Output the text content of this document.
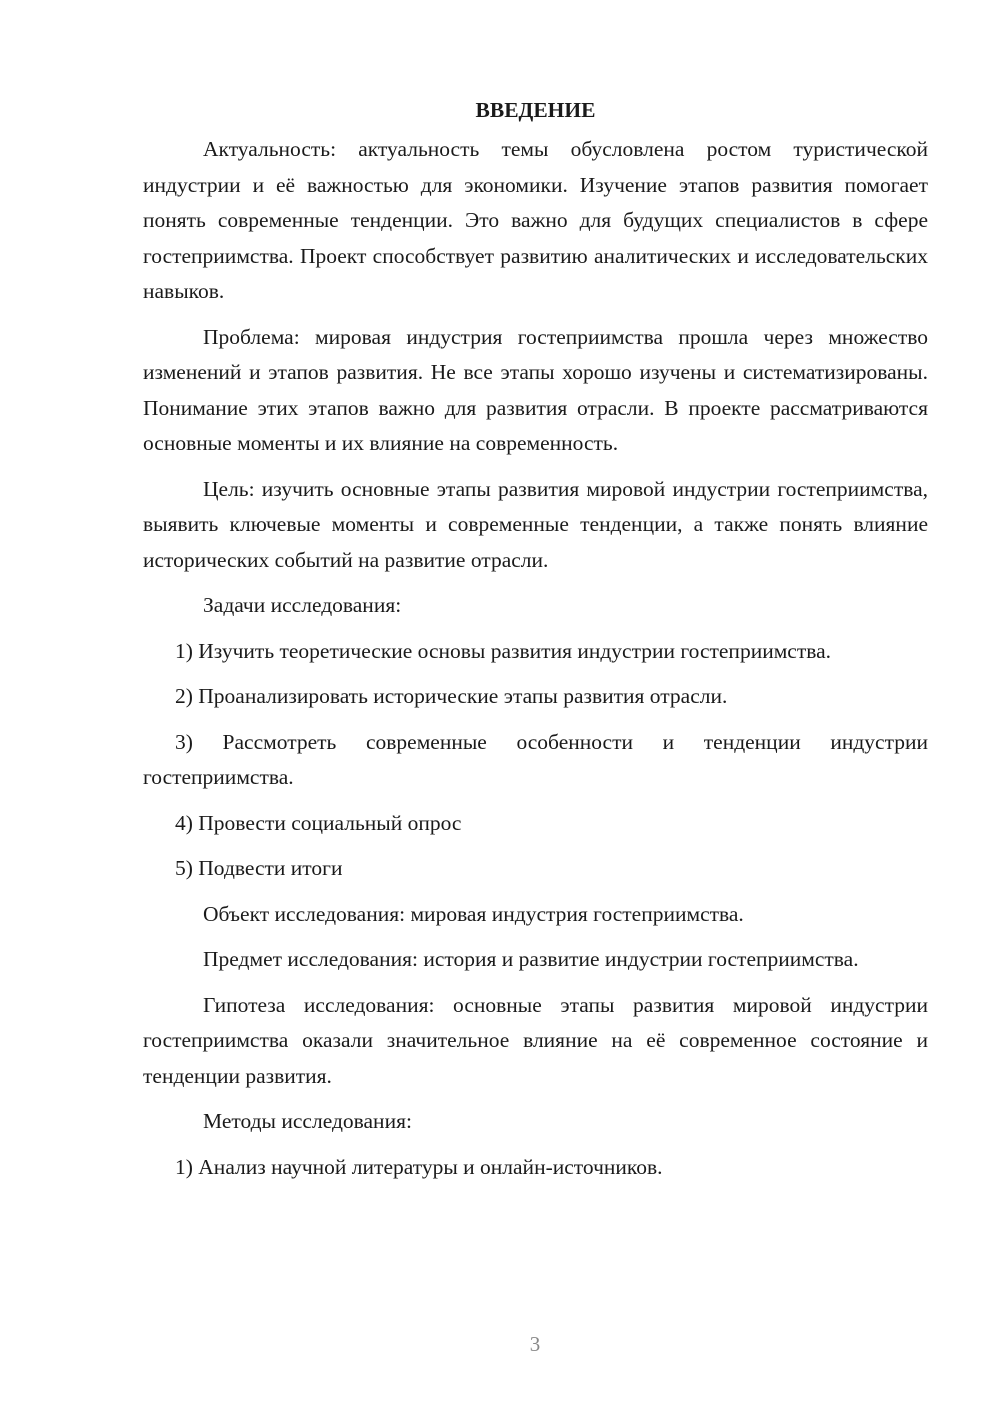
ВВЕДЕНИЕ

Актуальность: актуальность темы обусловлена ростом туристической индустрии и её важностью для экономики. Изучение этапов развития помогает понять современные тенденции. Это важно для будущих специалистов в сфере гостеприимства. Проект способствует развитию аналитических и исследовательских навыков.

Проблема: мировая индустрия гостеприимства прошла через множество изменений и этапов развития. Не все этапы хорошо изучены и систематизированы. Понимание этих этапов важно для развития отрасли. В проекте рассматриваются основные моменты и их влияние на современность.

Цель: изучить основные этапы развития мировой индустрии гостеприимства, выявить ключевые моменты и современные тенденции, а также понять влияние исторических событий на развитие отрасли.

Задачи исследования:

1) Изучить теоретические основы развития индустрии гостеприимства.

2) Проанализировать исторические этапы развития отрасли.

3) Рассмотреть современные особенности и тенденции индустрии гостеприимства.

4) Провести социальный опрос

5) Подвести итоги

Объект исследования: мировая индустрия гостеприимства.

Предмет исследования: история и развитие индустрии гостеприимства.

Гипотеза исследования: основные этапы развития мировой индустрии гостеприимства оказали значительное влияние на её современное состояние и тенденции развития.

Методы исследования:

1) Анализ научной литературы и онлайн-источников.

3
